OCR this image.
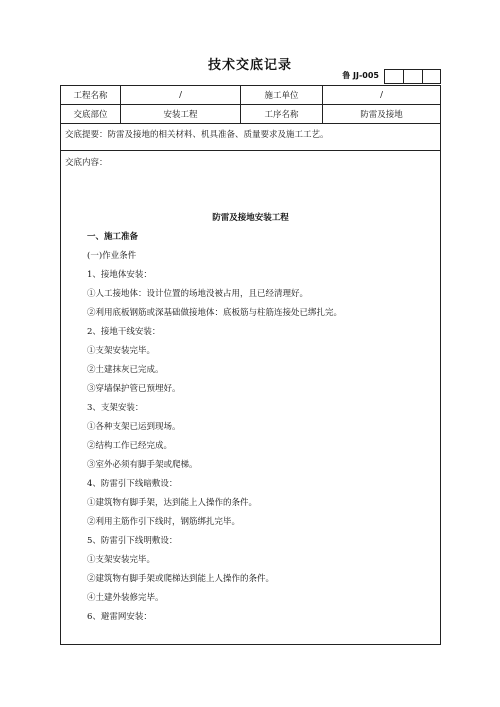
技术交底记录
鲁 JJ-005
工程名称	/	施工单位	/
交底部位	安装工程	工序名称	防雷及接地
交底提要：防雷及接地的相关材料、机具准备、质量要求及施工工艺。
交底内容：
防雷及接地安装工程
一、施工准备
(一)作业条件
1、接地体安装：
①人工接地体：设计位置的场地没被占用，且已经清理好。
②利用底板钢筋或深基础做接地体：底板筋与柱筋连接处已绑扎完。
2、接地干线安装：
①支架安装完毕。
②土建抹灰已完成。
③穿墙保护管已预埋好。
3、支架安装：
①各种支架已运到现场。
②结构工作已经完成。
③室外必须有脚手架或爬梯。
4、防雷引下线暗敷设：
①建筑物有脚手架，达到能上人操作的条件。
②利用主筋作引下线时，钢筋绑扎完毕。
5、防雷引下线明敷设：
①支架安装完毕。
②建筑物有脚手架或爬梯达到能上人操作的条件。
④土建外装修完毕。
6、避雷网安装：
